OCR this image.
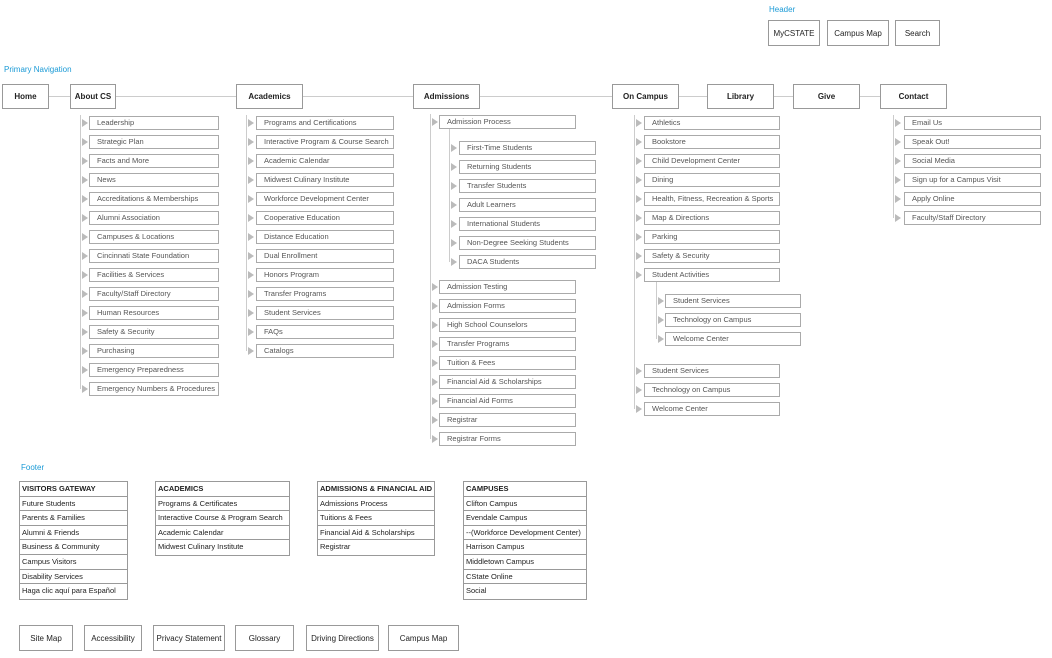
Header
MyCSTATE	Campus Map	Search
Primary Navigation
Home	About CS	Academics	Admissions	On Campus	Library	Give	Contact
Leadership
Strategic Plan
Facts and More
News
Accreditations & Memberships
Alumni Association
Campuses & Locations
Cincinnati State Foundation
Facilities & Services
Faculty/Staff Directory
Human Resources
Safety & Security
Purchasing
Emergency Preparedness
Emergency Numbers & Procedures
Programs and Certifications
Interactive Program & Course Search
Academic Calendar
Midwest Culinary Institute
Workforce Development Center
Cooperative Education
Distance Education
Dual Enrollment
Honors Program
Transfer Programs
Student Services
FAQs
Catalogs
Admission Process
First-Time Students
Returning Students
Transfer Students
Adult Learners
International Students
Non-Degree Seeking Students
DACA Students
Admission Testing
Admission Forms
High School Counselors
Transfer Programs
Tuition & Fees
Financial Aid & Scholarships
Financial Aid Forms
Registrar
Registrar Forms
Athletics
Bookstore
Child Development Center
Dining
Health, Fitness, Recreation & Sports
Map & Directions
Parking
Safety & Security
Student Activities
Student Services
Technology on Campus
Welcome Center
Student Services
Technology on Campus
Welcome Center
Email Us
Speak Out!
Social Media
Sign up for a Campus Visit
Apply Online
Faculty/Staff Directory
Footer
VISITORS GATEWAY
Future Students
Parents & Families
Alumni & Friends
Business & Community
Campus Visitors
Disability Services
Haga clic aquí para Español
ACADEMICS
Programs & Certificates
Interactive Course & Program Search
Academic Calendar
Midwest Culinary Institute
ADMISSIONS & FINANCIAL AID
Admissions Process
Tuitions & Fees
Financial Aid & Scholarships
Registrar
CAMPUSES
Clifton Campus
Evendale Campus
--(Workforce Development Center)
Harrison Campus
Middletown Campus
CState Online
Social
Site Map	Accessibility	Privacy Statement	Glossary	Driving Directions	Campus Map
